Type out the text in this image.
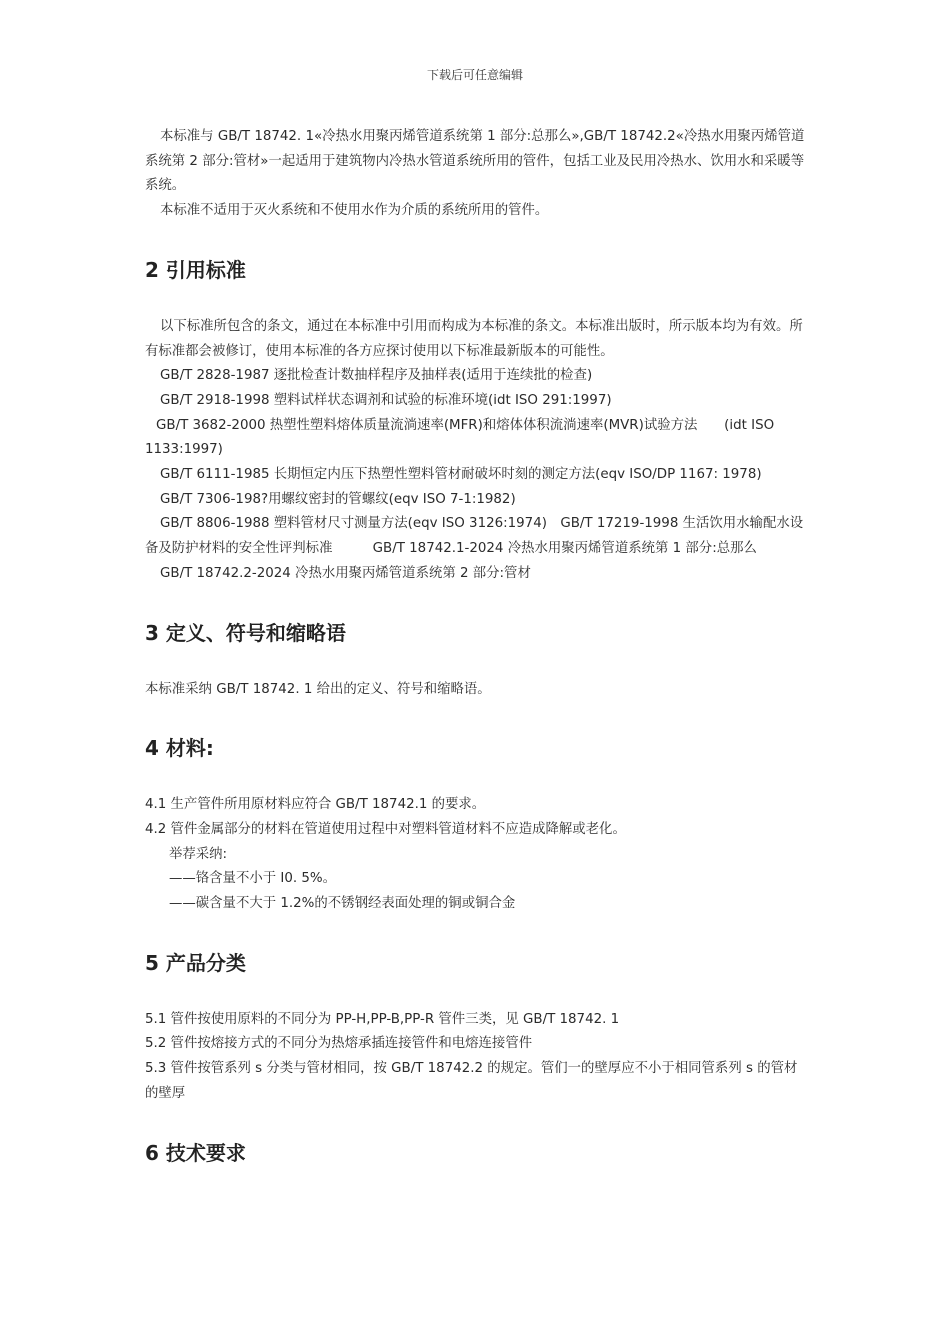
下载后可任意编辑

本标准与 GB/T 18742. 1«冷热水用聚丙烯管道系统第 1 部分:总那么»,GB/T 18742.2«冷热水用聚丙烯管道系统第 2 部分:管材»一起适用于建筑物内冷热水管道系统所用的管件，包括工业及民用冷热水、饮用水和采暖等系统。

本标准不适用于灭火系统和不使用水作为介质的系统所用的管件。

2 引用标准

以下标准所包含的条文，通过在本标准中引用而构成为本标准的条文。本标准出版时，所示版本均为有效。所有标准都会被修订，使用本标准的各方应探讨使用以下标准最新版本的可能性。

GB/T 2828-1987 逐批检查计数抽样程序及抽样表(适用于连续批的检查)

GB/T 2918-1998 塑料试样状态调剂和试验的标准环境(idt ISO 291:1997)

GB/T 3682-2000 热塑性塑料熔体质量流淌速率(MFR)和熔体体积流淌速率(MVR)试验方法　　(idt ISO 1133:1997)

GB/T 6111-1985 长期恒定内压下热塑性塑料管材耐破坏时刻的测定方法(eqv ISO/DP 1167: 1978)

GB/T 7306-198?用螺纹密封的管螺纹(eqv ISO 7-1:1982)

GB/T 8806-1988 塑料管材尺寸测量方法(eqv ISO 3126:1974)　GB/T 17219-1998 生活饮用水输配水设备及防护材料的安全性评判标准　　　GB/T 18742.1-2024 冷热水用聚丙烯管道系统第 1 部分:总那么

GB/T 18742.2-2024 冷热水用聚丙烯管道系统第 2 部分:管材

3 定义、符号和缩略语

本标准采纳 GB/T 18742. 1 给出的定义、符号和缩略语。

4 材料:

4.1 生产管件所用原材料应符合 GB/T 18742.1 的要求。

4.2 管件金属部分的材料在管道使用过程中对塑料管道材料不应造成降解或老化。

举荐采纳:

——铬含量不小于 I0. 5%。

——碳含量不大于 1.2%的不锈钢经表面处理的铜或铜合金

5 产品分类

5.1 管件按使用原料的不同分为 PP-H,PP-B,PP-R 管件三类，见 GB/T 18742. 1

5.2 管件按熔接方式的不同分为热熔承插连接管件和电熔连接管件

5.3 管件按管系列 s 分类与管材相同，按 GB/T 18742.2 的规定。管们一的壁厚应不小于相同管系列 s 的管材的壁厚

6 技术要求
